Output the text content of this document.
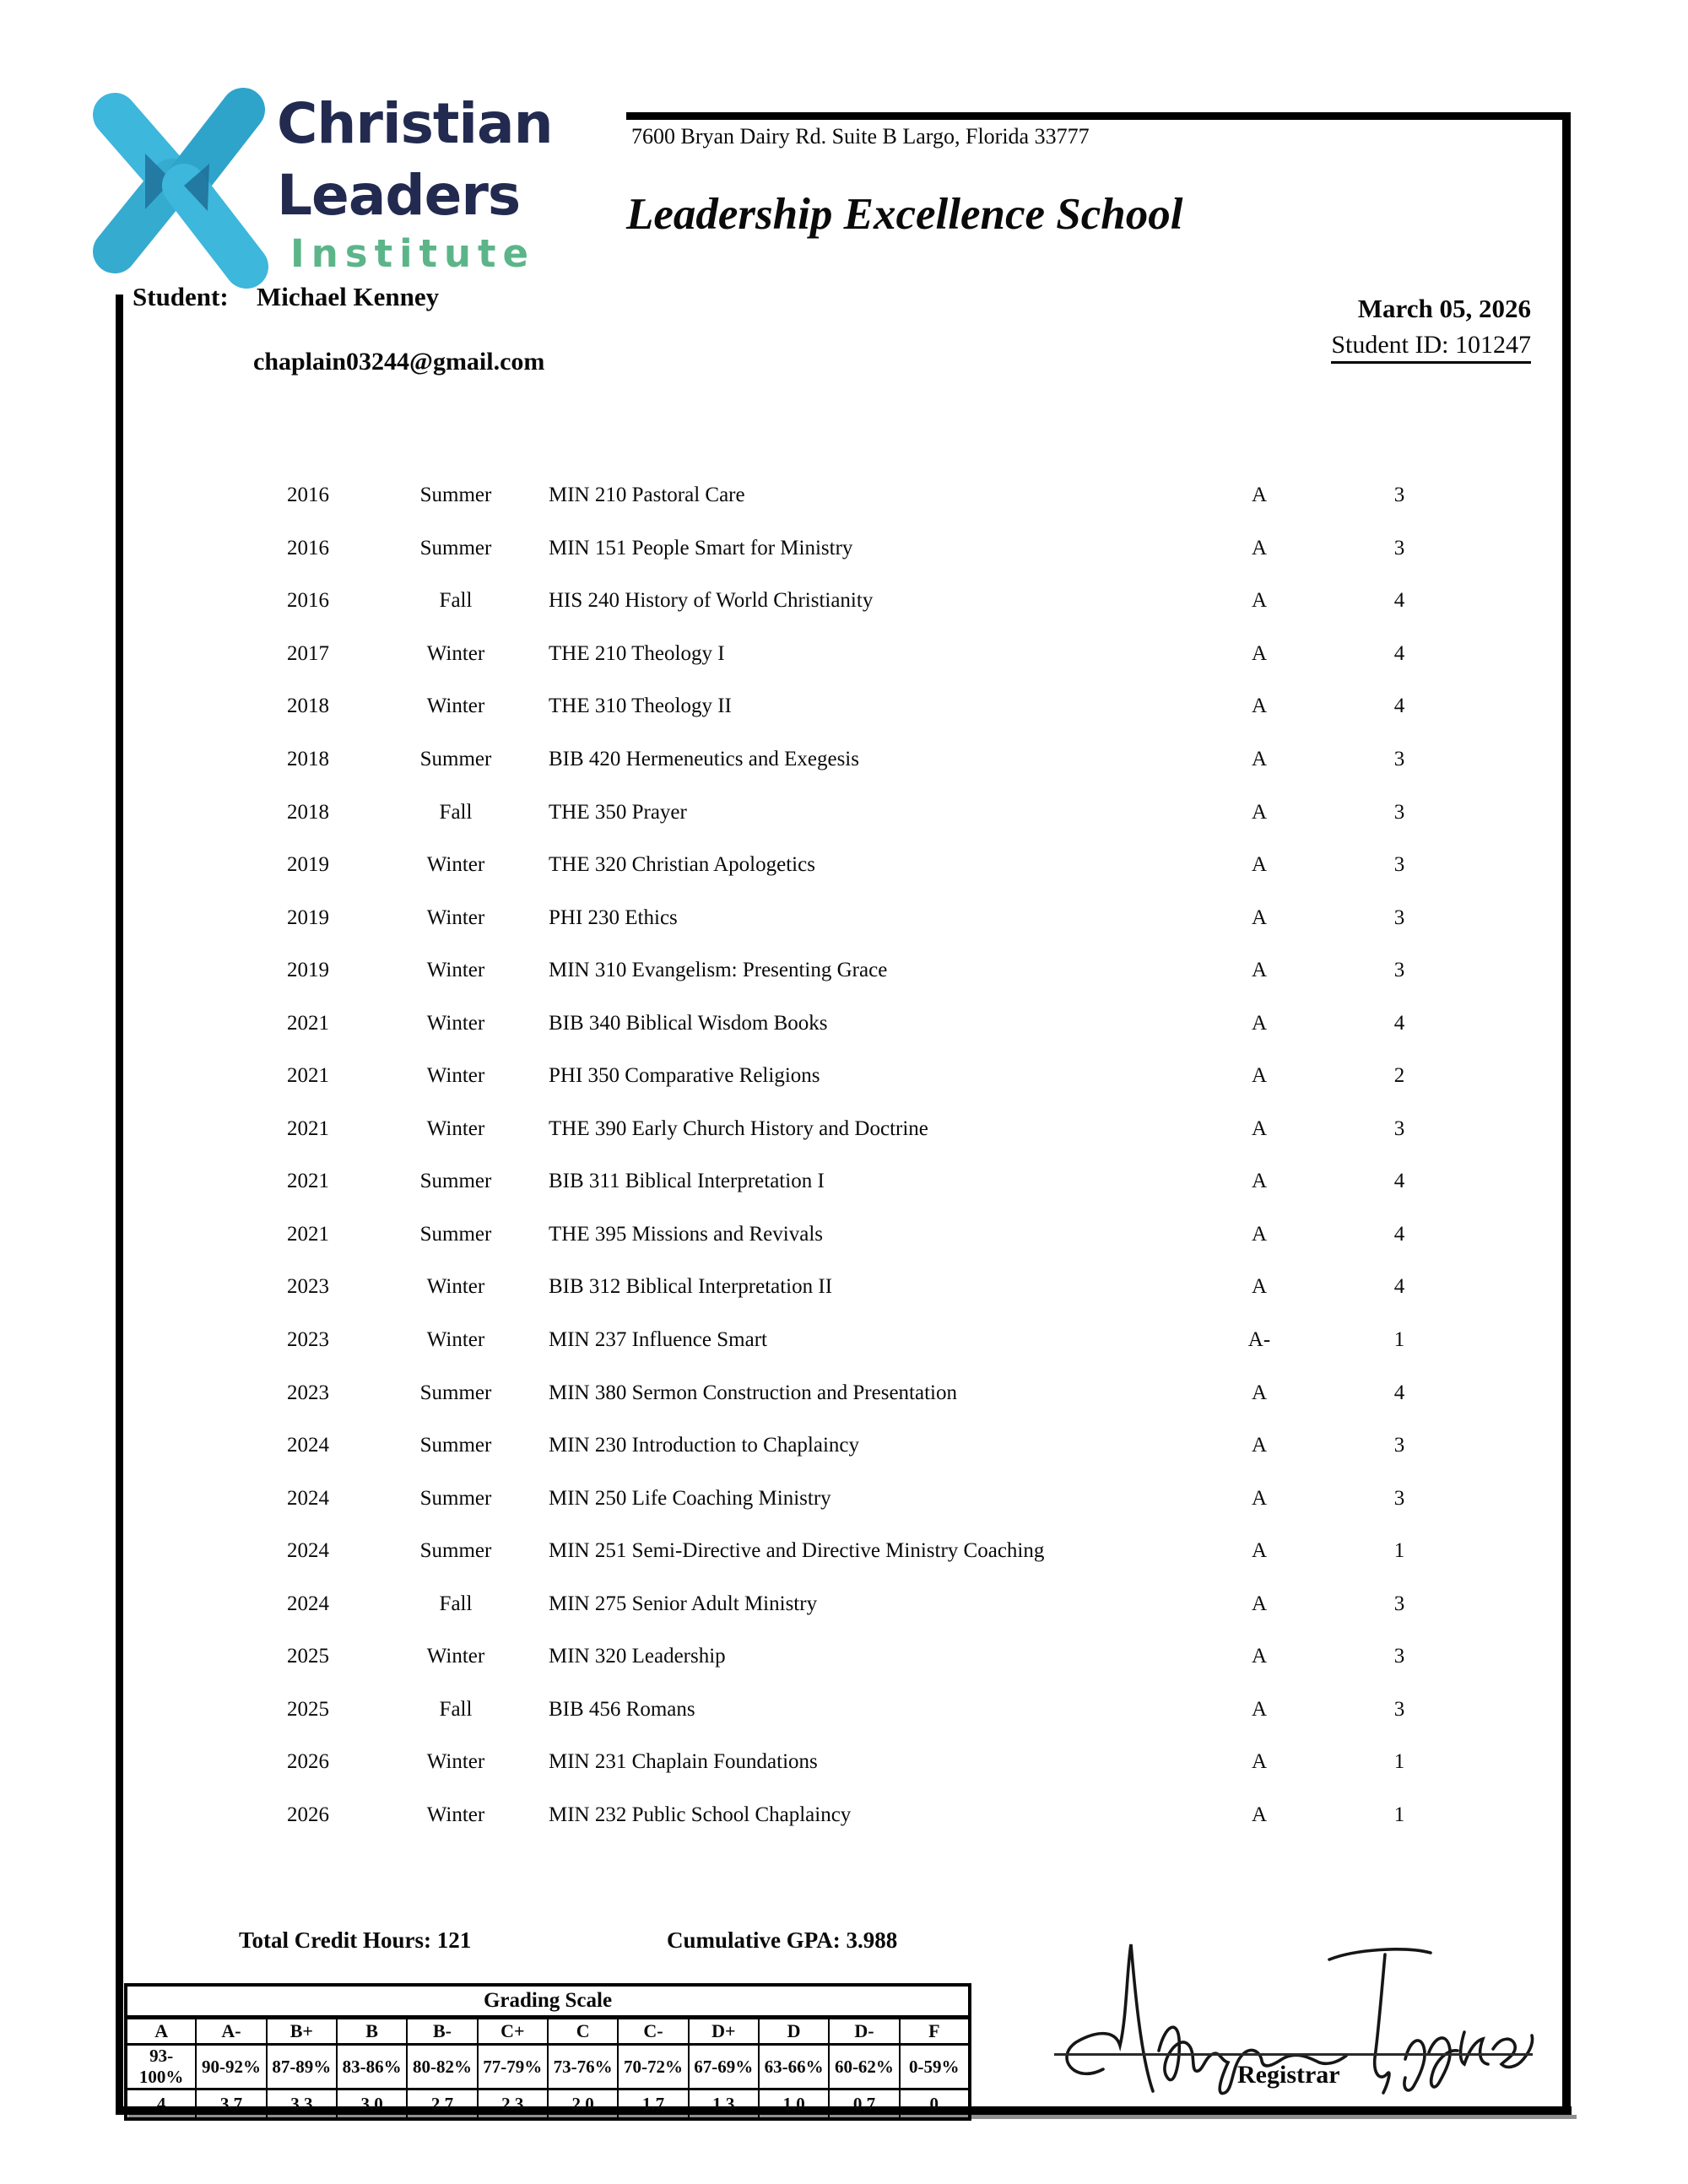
Christian
Leaders
Institute
7600 Bryan Dairy Rd. Suite B Largo, Florida 33777
Leadership Excellence School
Student: Michael Kenney
chaplain03244@gmail.com
March 05, 2026
Student ID: 101247
2016	Summer	MIN 210 Pastoral Care	A	3
2016	Summer	MIN 151 People Smart for Ministry	A	3
2016	Fall	HIS 240 History of World Christianity	A	4
2017	Winter	THE 210 Theology I	A	4
2018	Winter	THE 310 Theology II	A	4
2018	Summer	BIB 420 Hermeneutics and Exegesis	A	3
2018	Fall	THE 350 Prayer	A	3
2019	Winter	THE 320 Christian Apologetics	A	3
2019	Winter	PHI 230 Ethics	A	3
2019	Winter	MIN 310 Evangelism: Presenting Grace	A	3
2021	Winter	BIB 340 Biblical Wisdom Books	A	4
2021	Winter	PHI 350 Comparative Religions	A	2
2021	Winter	THE 390 Early Church History and Doctrine	A	3
2021	Summer	BIB 311 Biblical Interpretation I	A	4
2021	Summer	THE 395 Missions and Revivals	A	4
2023	Winter	BIB 312 Biblical Interpretation II	A	4
2023	Winter	MIN 237 Influence Smart	A-	1
2023	Summer	MIN 380 Sermon Construction and Presentation	A	4
2024	Summer	MIN 230 Introduction to Chaplaincy	A	3
2024	Summer	MIN 250 Life Coaching Ministry	A	3
2024	Summer	MIN 251 Semi-Directive and Directive Ministry Coaching	A	1
2024	Fall	MIN 275 Senior Adult Ministry	A	3
2025	Winter	MIN 320 Leadership	A	3
2025	Fall	BIB 456 Romans	A	3
2026	Winter	MIN 231 Chaplain Foundations	A	1
2026	Winter	MIN 232 Public School Chaplaincy	A	1
Total Credit Hours: 121	Cumulative GPA: 3.988
Grading Scale											
A	A-	B+	B	B-	C+	C	C-	D+	D	D-	F
93-100%	90-92%	87-89%	83-86%	80-82%	77-79%	73-76%	70-72%	67-69%	63-66%	60-62%	0-59%
4	3.7	3.3	3.0	2.7	2.3	2.0	1.7	1.3	1.0	0.7	0
Registrar
